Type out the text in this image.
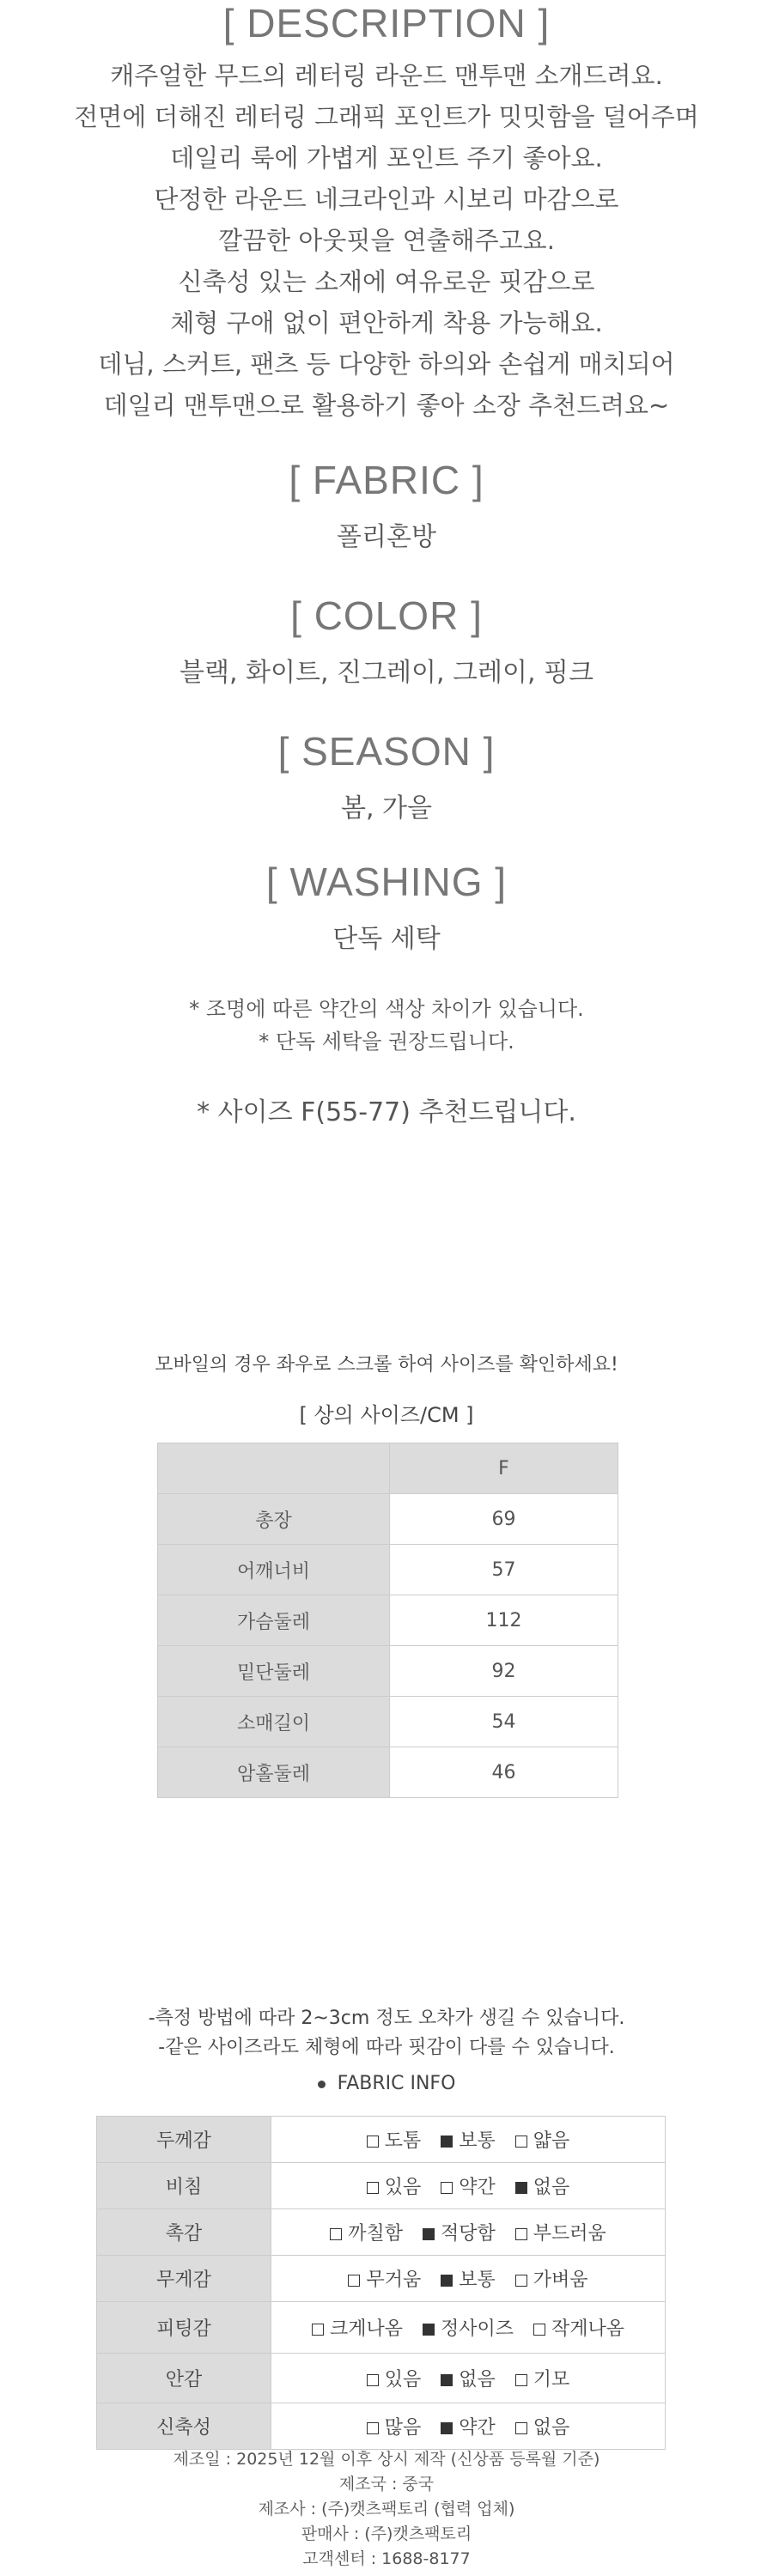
[ DESCRIPTION ]
캐주얼한 무드의 레터링 라운드 맨투맨 소개드려요.
전면에 더해진 레터링 그래픽 포인트가 밋밋함을 덜어주며
데일리 룩에 가볍게 포인트 주기 좋아요.
단정한 라운드 네크라인과 시보리 마감으로
깔끔한 아웃핏을 연출해주고요.
신축성 있는 소재에 여유로운 핏감으로
체형 구애 없이 편안하게 착용 가능해요.
데님, 스커트, 팬츠 등 다양한 하의와 손쉽게 매치되어
데일리 맨투맨으로 활용하기 좋아 소장 추천드려요~
[ FABRIC ]
폴리혼방
[ COLOR ]
블랙, 화이트, 진그레이, 그레이, 핑크
[ SEASON ]
봄, 가을
[ WASHING ]
단독 세탁
* 조명에 따른 약간의 색상 차이가 있습니다.
* 단독 세탁을 권장드립니다.
* 사이즈 F(55-77) 추천드립니다.
모바일의 경우 좌우로 스크롤 하여 사이즈를 확인하세요!
[ 상의 사이즈/CM ]
	F
총장	69
어깨너비	57
가슴둘레	112
밑단둘레	92
소매길이	54
암홀둘레	46
-측정 방법에 따라 2~3cm 정도 오차가 생길 수 있습니다.
-같은 사이즈라도 체형에 따라 핏감이 다를 수 있습니다.
FABRIC INFO
두께감	도톰 보통 얇음
비침	있음 약간 없음
촉감	까칠함 적당함 부드러움
무게감	무거움 보통 가벼움
피팅감	크게나옴 정사이즈 작게나옴
안감	있음 없음 기모
신축성	많음 약간 없음
제조일 : 2025년 12월 이후 상시 제작 (신상품 등록월 기준)
제조국 : 중국
제조사 : (주)캣츠팩토리 (협력 업체)
판매사 : (주)캣츠팩토리
고객센터 : 1688-8177
